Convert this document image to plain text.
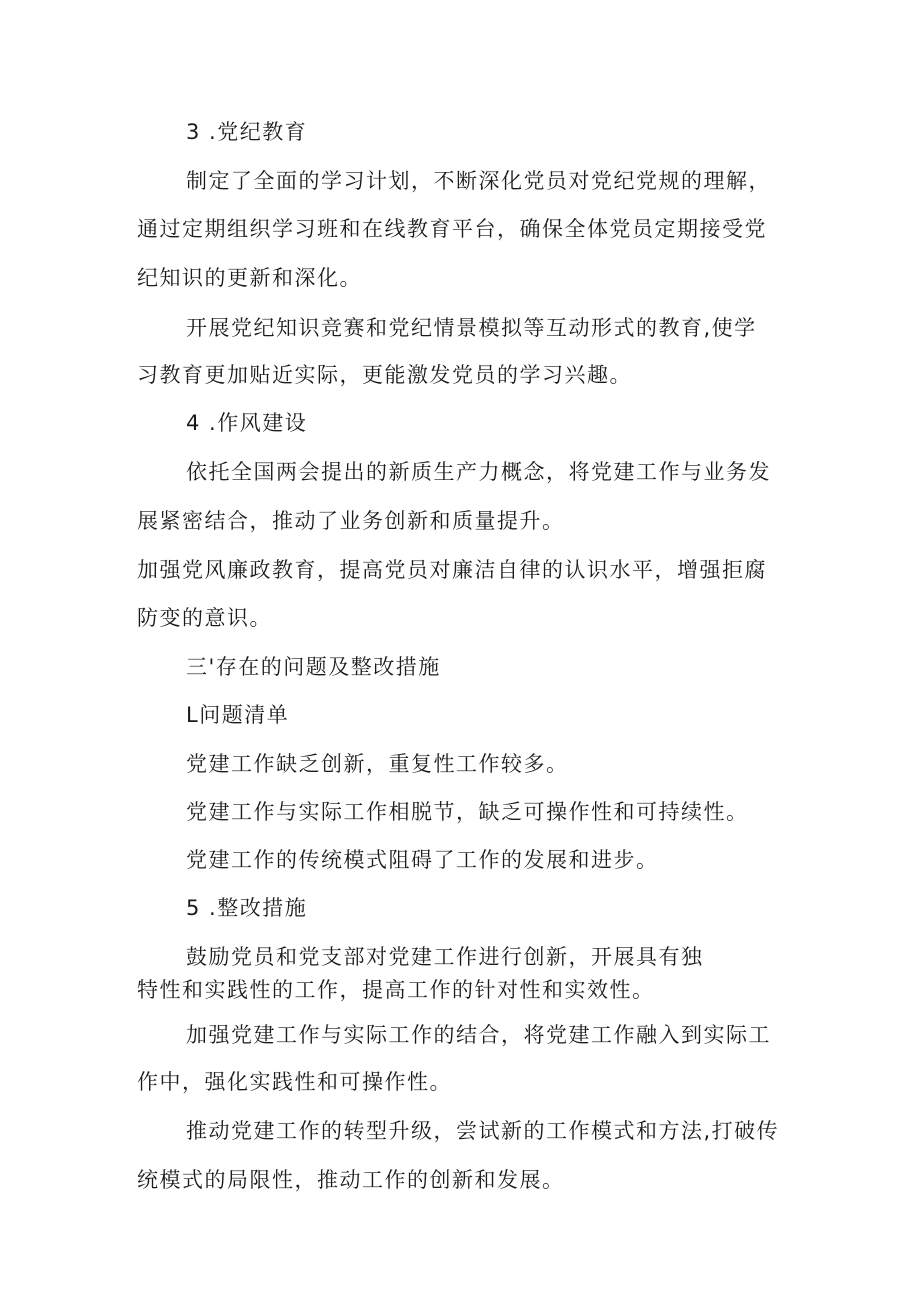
3 .党纪教育
制定了全面的学习计划，不断深化党员对党纪党规的理解，
通过定期组织学习班和在线教育平台，确保全体党员定期接受党
纪知识的更新和深化。
开展党纪知识竞赛和党纪情景模拟等互动形式的教育,使学
习教育更加贴近实际，更能激发党员的学习兴趣。
4 .作风建设
依托全国两会提出的新质生产力概念，将党建工作与业务发
展紧密结合，推动了业务创新和质量提升。
加强党风廉政教育，提高党员对廉洁自律的认识水平，增强拒腐
防变的意识。
三'存在的问题及整改措施
L问题清单
党建工作缺乏创新，重复性工作较多。
党建工作与实际工作相脱节，缺乏可操作性和可持续性。
党建工作的传统模式阻碍了工作的发展和进步。
5 .整改措施
鼓励党员和党支部对党建工作进行创新，开展具有独
特性和实践性的工作，提高工作的针对性和实效性。
加强党建工作与实际工作的结合，将党建工作融入到实际工
作中，强化实践性和可操作性。
推动党建工作的转型升级，尝试新的工作模式和方法,打破传
统模式的局限性，推动工作的创新和发展。
